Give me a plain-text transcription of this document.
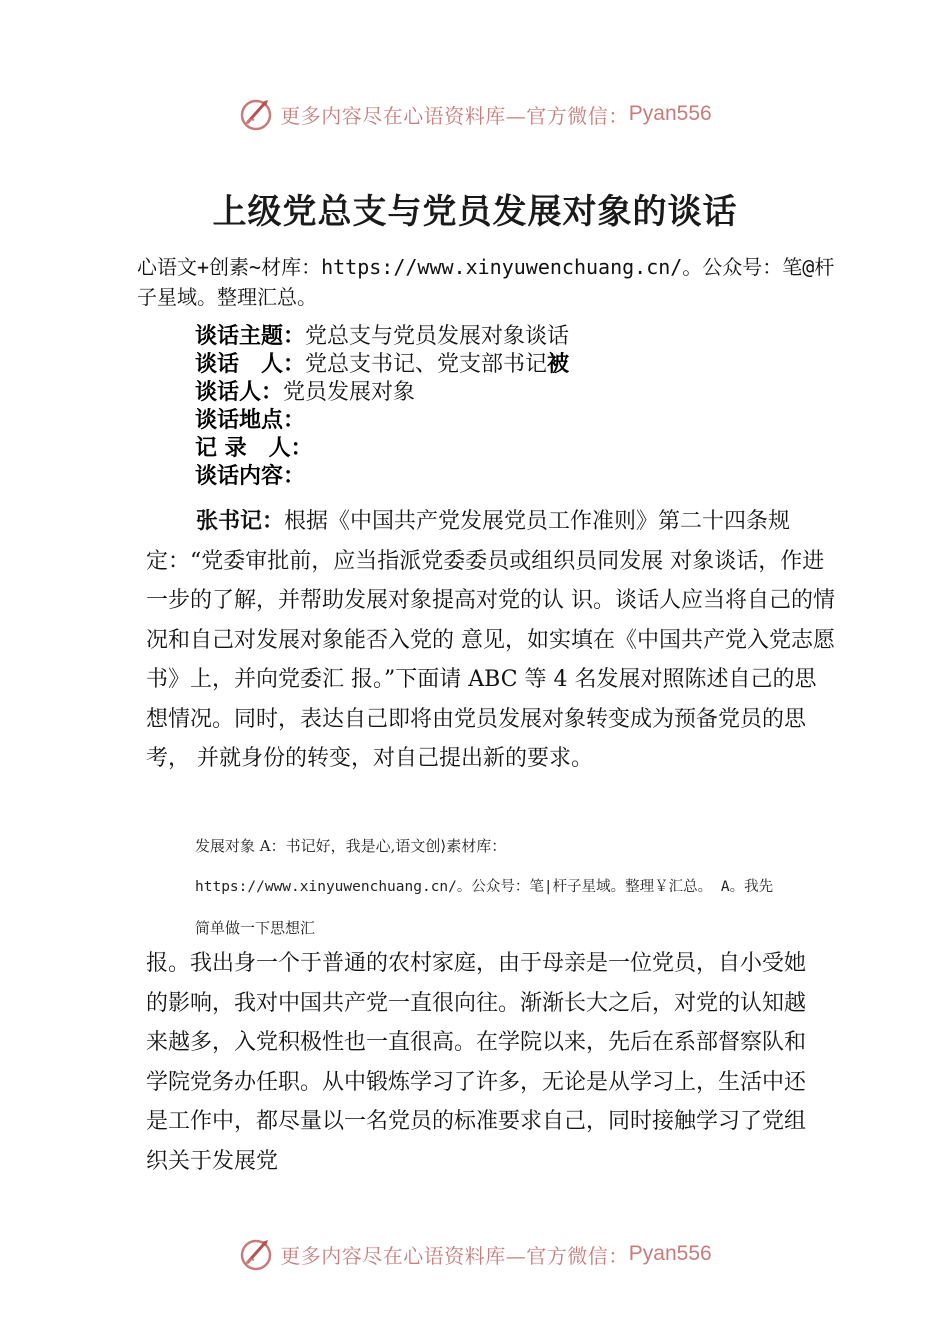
更多内容尽在心语资料库—官方微信： Pyan556
上级党总支与党员发展对象的谈话
心语文+创素~材库：https://www.xinyuwenchuang.cn/。公众号：笔@杆子星域。整理汇总。
谈话主题：党总支与党员发展对象谈话
谈话　人：党总支书记、党支部书记被
谈话人：党员发展对象
谈话地点：
记 录　人：
谈话内容：
张书记：根据《中国共产党发展党员工作准则》第二十四条规定：“党委审批前，应当指派党委委员或组织员同发展 对象谈话，作进一步的了解，并帮助发展对象提高对党的认 识。谈话人应当将自己的情况和自己对发展对象能否入党的 意见，如实填在《中国共产党入党志愿书》上，并向党委汇 报。”下面请 ABC 等 4 名发展对照陈述自己的思想情况。同时，表达自己即将由党员发展对象转变成为预备党员的思考， 并就身份的转变，对自己提出新的要求。
发展对象 A：书记好，我是心,语文创⟩素材库：
https://www.xinyuwenchuang.cn/。公众号：笔|杆子星域。整理￥汇总。 A。我先
简单做一下思想汇
报。我出身一个于普通的农村家庭，由于母亲是一位党员，自小受她的影响，我对中国共产党一直很向往。渐渐长大之后，对党的认知越来越多，入党积极性也一直很高。在学院以来，先后在系部督察队和学院党务办任职。从中锻炼学习了许多，无论是从学习上，生活中还是工作中，都尽量以一名党员的标准要求自己，同时接触学习了党组织关于发展党
更多内容尽在心语资料库—官方微信： Pyan556
